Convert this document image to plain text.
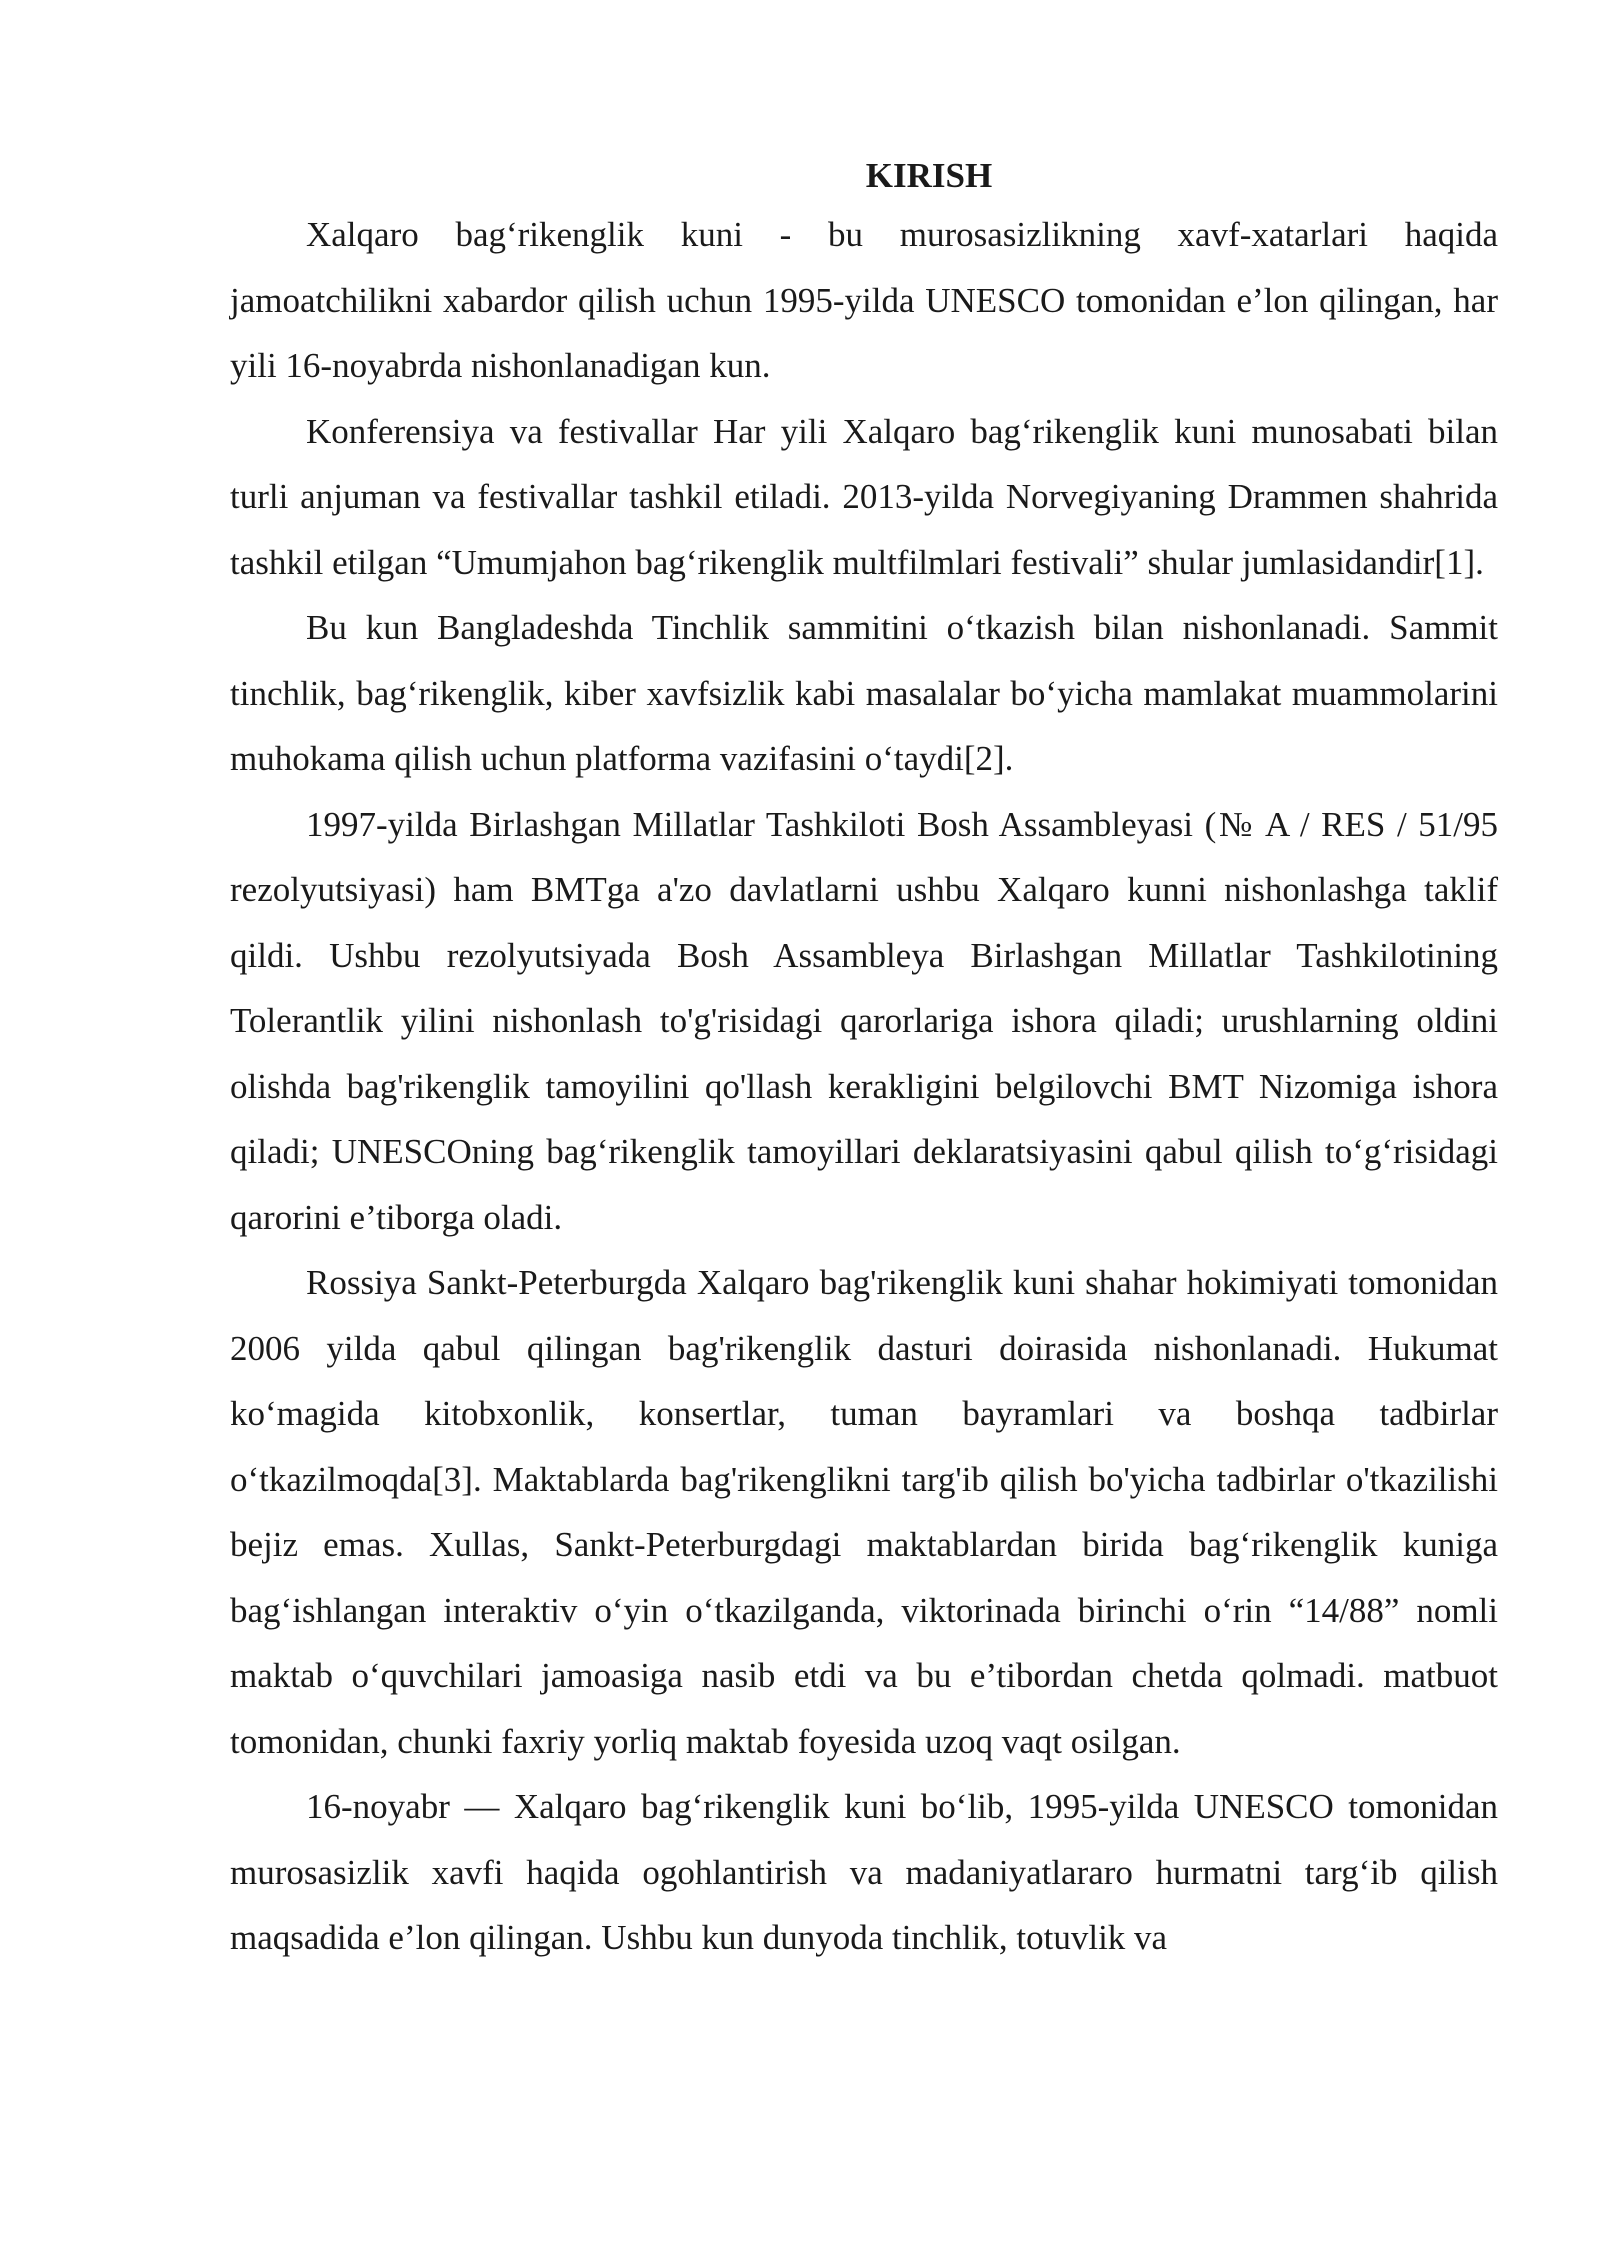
KIRISH

Xalqaro bag‘rikenglik kuni - bu murosasizlikning xavf-xatarlari haqida jamoatchilikni xabardor qilish uchun 1995-yilda UNESCO tomonidan e’lon qilingan, har yili 16-noyabrda nishonlanadigan kun.

Konferensiya va festivallar Har yili Xalqaro bag‘rikenglik kuni munosabati bilan turli anjuman va festivallar tashkil etiladi. 2013-yilda Norvegiyaning Drammen shahrida tashkil etilgan “Umumjahon bag‘rikenglik multfilmlari festivali” shular jumlasidandir[1].

Bu kun Bangladeshda Tinchlik sammitini o‘tkazish bilan nishonlanadi. Sammit tinchlik, bag‘rikenglik, kiber xavfsizlik kabi masalalar bo‘yicha mamlakat muammolarini muhokama qilish uchun platforma vazifasini o‘taydi[2].

1997-yilda Birlashgan Millatlar Tashkiloti Bosh Assambleyasi (№ A / RES / 51/95 rezolyutsiyasi) ham BMTga a'zo davlatlarni ushbu Xalqaro kunni nishonlashga taklif qildi. Ushbu rezolyutsiyada Bosh Assambleya Birlashgan Millatlar Tashkilotining Tolerantlik yilini nishonlash to'g'risidagi qarorlariga ishora qiladi; urushlarning oldini olishda bag'rikenglik tamoyilini qo'llash kerakligini belgilovchi BMT Nizomiga ishora qiladi; UNESCOning bag‘rikenglik tamoyillari deklaratsiyasini qabul qilish to‘g‘risidagi qarorini e’tiborga oladi.

Rossiya Sankt-Peterburgda Xalqaro bag'rikenglik kuni shahar hokimiyati tomonidan 2006 yilda qabul qilingan bag'rikenglik dasturi doirasida nishonlanadi. Hukumat ko‘magida kitobxonlik, konsertlar, tuman bayramlari va boshqa tadbirlar o‘tkazilmoqda[3]. Maktablarda bag'rikenglikni targ'ib qilish bo'yicha tadbirlar o'tkazilishi bejiz emas. Xullas, Sankt-Peterburgdagi maktablardan birida bag‘rikenglik kuniga bag‘ishlangan interaktiv o‘yin o‘tkazilganda, viktorinada birinchi o‘rin “14/88” nomli maktab o‘quvchilari jamoasiga nasib etdi va bu e’tibordan chetda qolmadi. matbuot tomonidan, chunki faxriy yorliq maktab foyesida uzoq vaqt osilgan.

16-noyabr — Xalqaro bag‘rikenglik kuni bo‘lib, 1995-yilda UNESCO tomonidan murosasizlik xavfi haqida ogohlantirish va madaniyatlararo hurmatni targ‘ib qilish maqsadida e’lon qilingan. Ushbu kun dunyoda tinchlik, totuvlik va
